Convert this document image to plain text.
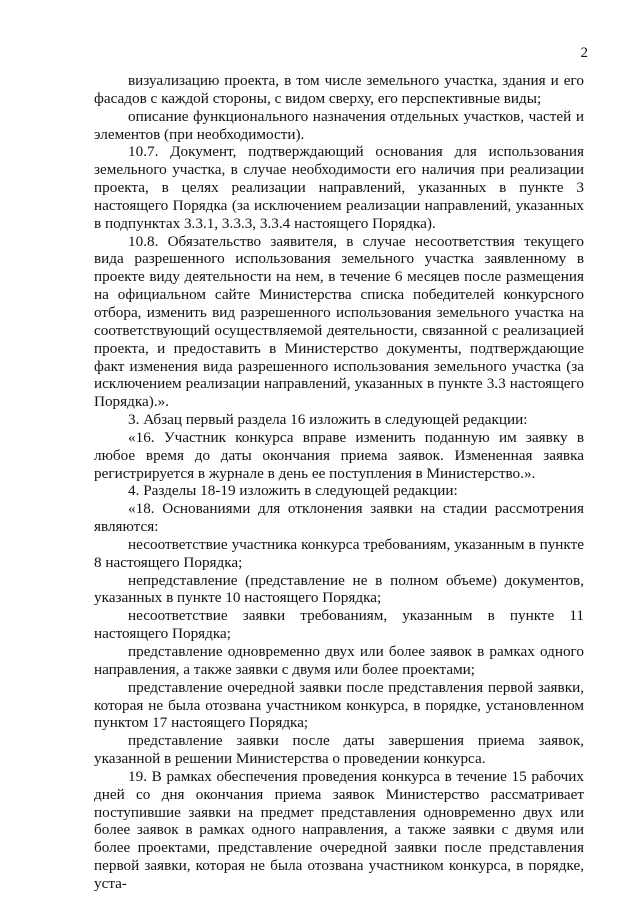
2

визуализацию проекта, в том числе земельного участка, здания и его фасадов с каждой стороны, с видом сверху, его перспективные виды;

описание функционального назначения отдельных участков, частей и элементов (при необходимости).

10.7. Документ, подтверждающий основания для использования земельного участка, в случае необходимости его наличия при реализации проекта, в целях реализации направлений, указанных в пункте 3 настоящего Порядка (за исключением реализации направлений, указанных в подпунктах 3.3.1, 3.3.3, 3.3.4 настоящего Порядка).

10.8. Обязательство заявителя, в случае несоответствия текущего вида разрешенного использования земельного участка заявленному в проекте виду деятельности на нем, в течение 6 месяцев после размещения на официальном сайте Министерства списка победителей конкурсного отбора, изменить вид разрешенного использования земельного участка на соответствующий осуществляемой деятельности, связанной с реализацией проекта, и предоставить в Министерство документы, подтверждающие факт изменения вида разрешенного использования земельного участка (за исключением реализации направлений, указанных в пункте 3.3 настоящего Порядка).».

3. Абзац первый раздела 16 изложить в следующей редакции:

«16. Участник конкурса вправе изменить поданную им заявку в любое время до даты окончания приема заявок. Измененная заявка регистрируется в журнале в день ее поступления в Министерство.».

4. Разделы 18-19 изложить в следующей редакции:

«18. Основаниями для отклонения заявки на стадии рассмотрения являются:

несоответствие участника конкурса требованиям, указанным в пункте 8 настоящего Порядка;

непредставление (представление не в полном объеме) документов, указанных в пункте 10 настоящего Порядка;

несоответствие заявки требованиям, указанным в пункте 11 настоящего Порядка;

представление одновременно двух или более заявок в рамках одного направления, а также заявки с двумя или более проектами;

представление очередной заявки после представления первой заявки, которая не была отозвана участником конкурса, в порядке, установленном пунктом 17 настоящего Порядка;

представление заявки после даты завершения приема заявок, указанной в решении Министерства о проведении конкурса.

19. В рамках обеспечения проведения конкурса в течение 15 рабочих дней со дня окончания приема заявок Министерство рассматривает поступившие заявки на предмет представления одновременно двух или более заявок в рамках одного направления, а также заявки с двумя или более проектами, представление очередной заявки после представления первой заявки, которая не была отозвана участником конкурса, в порядке, уста-
